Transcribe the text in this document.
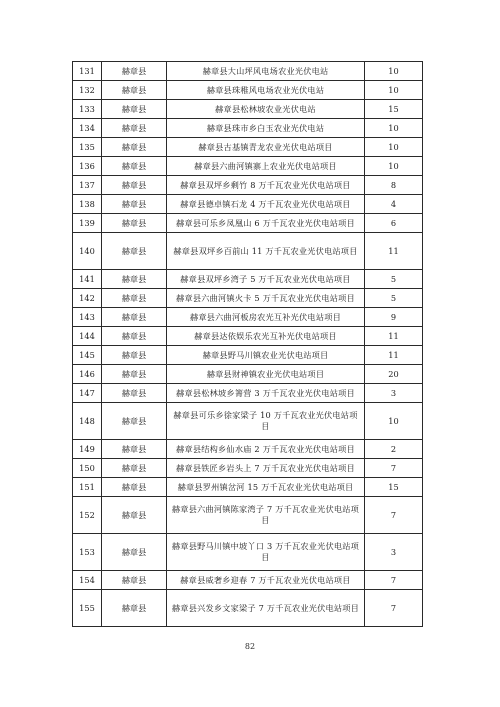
131	赫章县	赫章县大山坪风电场农业光伏电站	10
132	赫章县	赫章县珠稚风电场农业光伏电站	10
133	赫章县	赫章县松林坡农业光伏电站	15
134	赫章县	赫章县珠市乡白玉农业光伏电站	10
135	赫章县	赫章县古基镇青龙农业光伏电站项目	10
136	赫章县	赫章县六曲河镇寨上农业光伏电站项目	10
137	赫章县	赫章县双坪乡剩竹 8 万千瓦农业光伏电站项目	8
138	赫章县	赫章县德卓镇石龙 4 万千瓦农业光伏电站项目	4
139	赫章县	赫章县可乐乡凤凰山 6 万千瓦农业光伏电站项目	6
140	赫章县	赫章县双坪乡百前山 11 万千瓦农业光伏电站项目	11
141	赫章县	赫章县双坪乡湾子 5 万千瓦农业光伏电站项目	5
142	赫章县	赫章县六曲河镇火卡 5 万千瓦农业光伏电站项目	5
143	赫章县	赫章县六曲河板房农光互补光伏电站项目	9
144	赫章县	赫章县达依娱乐农光互补光伏电站项目	11
145	赫章县	赫章县野马川镇农业光伏电站项目	11
146	赫章县	赫章县财神镇农业光伏电站项目	20
147	赫章县	赫章县松林坡乡箐营 3 万千瓦农业光伏电站项目	3
148	赫章县	赫章县可乐乡徐家梁子 10 万千瓦农业光伏电站项目	10
149	赫章县	赫章县结构乡仙水庙 2 万千瓦农业光伏电站项目	2
150	赫章县	赫章县铁匠乡岩头上 7 万千瓦农业光伏电站项目	7
151	赫章县	赫章县罗州镇岔河 15 万千瓦农业光伏电站项目	15
152	赫章县	赫章县六曲河镇陈家湾子 7 万千瓦农业光伏电站项目	7
153	赫章县	赫章县野马川镇中坡丫口 3 万千瓦农业光伏电站项目	3
154	赫章县	赫章县威奢乡迎春 7 万千瓦农业光伏电站项目	7
155	赫章县	赫章县兴发乡文家梁子 7 万千瓦农业光伏电站项目	7
82
